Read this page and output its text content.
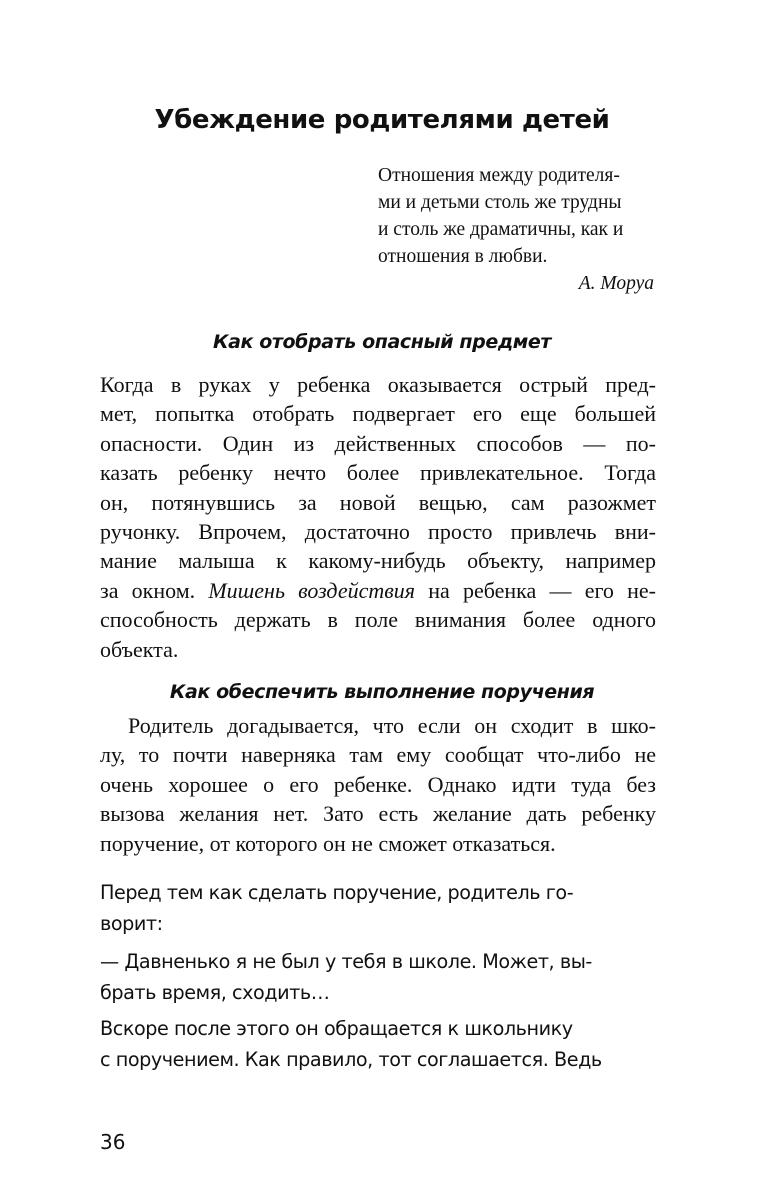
Убеждение родителями детей
Отношения между родителя-
ми и детьми столь же трудны
и столь же драматичны, как и
отношения в любви.
А. Моруа
Как отобрать опасный предмет
Когда в руках у ребенка оказывается острый пред-
мет, попытка отобрать подвергает его еще большей
опасности. Один из действенных способов — по-
казать ребенку нечто более привлекательное. Тогда
он, потянувшись за новой вещью, сам разожмет
ручонку. Впрочем, достаточно просто привлечь вни-
мание малыша к какому-нибудь объекту, например
за окном. Мишень воздействия на ребенка — его не-
способность держать в поле внимания более одного
объекта.
Как обеспечить выполнение поручения
Родитель догадывается, что если он сходит в шко-
лу, то почти наверняка там ему сообщат что-либо не
очень хорошее о его ребенке. Однако идти туда без
вызова желания нет. Зато есть желание дать ребенку
поручение, от которого он не сможет отказаться.
Перед тем как сделать поручение, родитель го-
ворит:
— Давненько я не был у тебя в школе. Может, вы-
брать время, сходить…
Вскоре после этого он обращается к школьнику
с поручением. Как правило, тот соглашается. Ведь
36
